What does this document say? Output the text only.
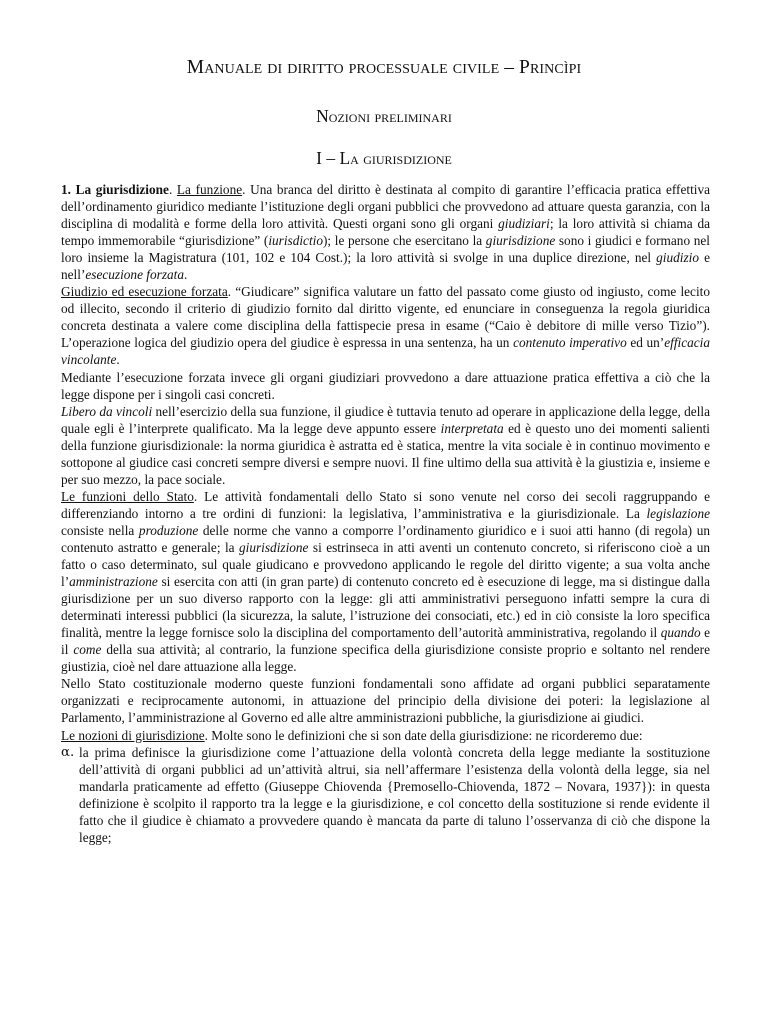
Manuale di diritto processuale civile – Princìpi
Nozioni preliminari
I – La giurisdizione

1. La giurisdizione. La funzione. Una branca del diritto è destinata al compito di garantire l’efficacia pratica effettiva dell’ordinamento giuridico mediante l’istituzione degli organi pubblici che provvedono ad attuare questa garanzia, con la disciplina di modalità e forme della loro attività. Questi organi sono gli organi giudiziari; la loro attività si chiama da tempo immemorabile “giurisdizione” (iurisdictio); le persone che esercitano la giurisdizione sono i giudici e formano nel loro insieme la Magistratura (101, 102 e 104 Cost.); la loro attività si svolge in una duplice direzione, nel giudizio e nell’esecuzione forzata.

Giudizio ed esecuzione forzata. “Giudicare” significa valutare un fatto del passato come giusto od ingiusto, come lecito od illecito, secondo il criterio di giudizio fornito dal diritto vigente, ed enunciare in conseguenza la regola giuridica concreta destinata a valere come disciplina della fattispecie presa in esame (“Caio è debitore di mille verso Tizio”). L’operazione logica del giudizio opera del giudice è espressa in una sentenza, ha un contenuto imperativo ed un’efficacia vincolante.

Mediante l’esecuzione forzata invece gli organi giudiziari provvedono a dare attuazione pratica effettiva a ciò che la legge dispone per i singoli casi concreti.

Libero da vincoli nell’esercizio della sua funzione, il giudice è tuttavia tenuto ad operare in applicazione della legge, della quale egli è l’interprete qualificato. Ma la legge deve appunto essere interpretata ed è questo uno dei momenti salienti della funzione giurisdizionale: la norma giuridica è astratta ed è statica, mentre la vita sociale è in continuo movimento e sottopone al giudice casi concreti sempre diversi e sempre nuovi. Il fine ultimo della sua attività è la giustizia e, insieme e per suo mezzo, la pace sociale.

Le funzioni dello Stato. Le attività fondamentali dello Stato si sono venute nel corso dei secoli raggruppando e differenziando intorno a tre ordini di funzioni: la legislativa, l’amministrativa e la giurisdizionale. La legislazione consiste nella produzione delle norme che vanno a comporre l’ordinamento giuridico e i suoi atti hanno (di regola) un contenuto astratto e generale; la giurisdizione si estrinseca in atti aventi un contenuto concreto, si riferiscono cioè a un fatto o caso determinato, sul quale giudicano e provvedono applicando le regole del diritto vigente; a sua volta anche l’amministrazione si esercita con atti (in gran parte) di contenuto concreto ed è esecuzione di legge, ma si distingue dalla giurisdizione per un suo diverso rapporto con la legge: gli atti amministrativi perseguono infatti sempre la cura di determinati interessi pubblici (la sicurezza, la salute, l’istruzione dei consociati, etc.) ed in ciò consiste la loro specifica finalità, mentre la legge fornisce solo la disciplina del comportamento dell’autorità amministrativa, regolando il quando e il come della sua attività; al contrario, la funzione specifica della giurisdizione consiste proprio e soltanto nel rendere giustizia, cioè nel dare attuazione alla legge.

Nello Stato costituzionale moderno queste funzioni fondamentali sono affidate ad organi pubblici separatamente organizzati e reciprocamente autonomi, in attuazione del principio della divisione dei poteri: la legislazione al Parlamento, l’amministrazione al Governo ed alle altre amministrazioni pubbliche, la giurisdizione ai giudici.

Le nozioni di giurisdizione. Molte sono le definizioni che si son date della giurisdizione: ne ricorderemo due:

α. la prima definisce la giurisdizione come l’attuazione della volontà concreta della legge mediante la sostituzione dell’attività di organi pubblici ad un’attività altrui, sia nell’affermare l’esistenza della volontà della legge, sia nel mandarla praticamente ad effetto (Giuseppe Chiovenda {Premosello-Chiovenda, 1872 – Novara, 1937}): in questa definizione è scolpito il rapporto tra la legge e la giurisdizione, e col concetto della sostituzione si rende evidente il fatto che il giudice è chiamato a provvedere quando è mancata da parte di taluno l’osservanza di ciò che dispone la legge;
